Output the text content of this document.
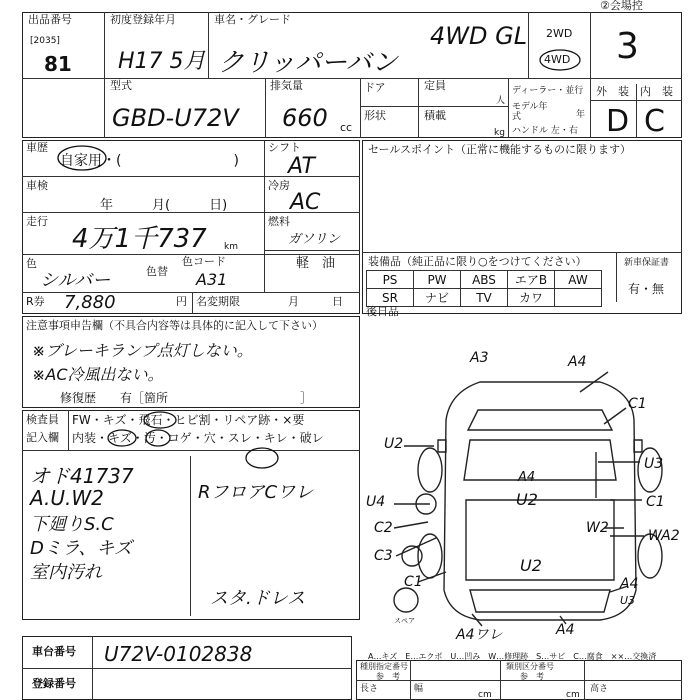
出品番号
[2035]
81
初度登録年月
H17 5月
車名・グレード
クリッパーバン
4WD GL
②会場控
2WD
4WD 3
型式
GBD-U72V
排気量
660 cc
ドア
形状
定員
人
積載
kg
ディーラー・並行
モデル年式	年
ハンドル 左・右
外　装 内　装
D C
車歴
自家用・(　　　　　　　　)
車検
年　　　月(　　　日)
走行
4万1千737 km
色
シルバー	色替
色コード
A31
R券 7,880	円 名変期限	月　　　日
シフト
AT
冷房
AC
燃料
ガソリン
軽　油
セールスポイント（正常に機能するものに限ります）
装備品（純正品に限り○をつけてください）	新車保証書
有・無
PS	PW	ABS	エアB	AW
SR	ナビ	TV	カワ	
後日品
注意事項申告欄（不具合内容等は具体的に記入して下さい）
※ブレーキランプ点灯しない。
※AC冷風出ない。
修復歴　　有［箇所　　　　　　　　　　　］
検査員
記入欄
FW・キズ・飛石・ヒビ割・リペア跡・×要
内装・キズ・汚・コゲ・穴・スレ・キレ・破レ
オド41737
A.U.W2
下廻りS.C
Dミラ、キズ
室内汚れ
RフロアCワレ
スタ.ドレス
A3	A4
C1
U3
C1
WA2
A4
U3
A4ワレ	A4
U2
U4
C2
C3
C1
U2
W2
A4
U2
スペア
A…キズ　E…エクボ　U…凹み　W…修理跡　S…サビ　C…腐食　××…交換済
車台番号 U72V-0102838
登録番号
種別指定番号
参　考
類別区分番号
参　考
長さ	幅	高さ
cm	cm
